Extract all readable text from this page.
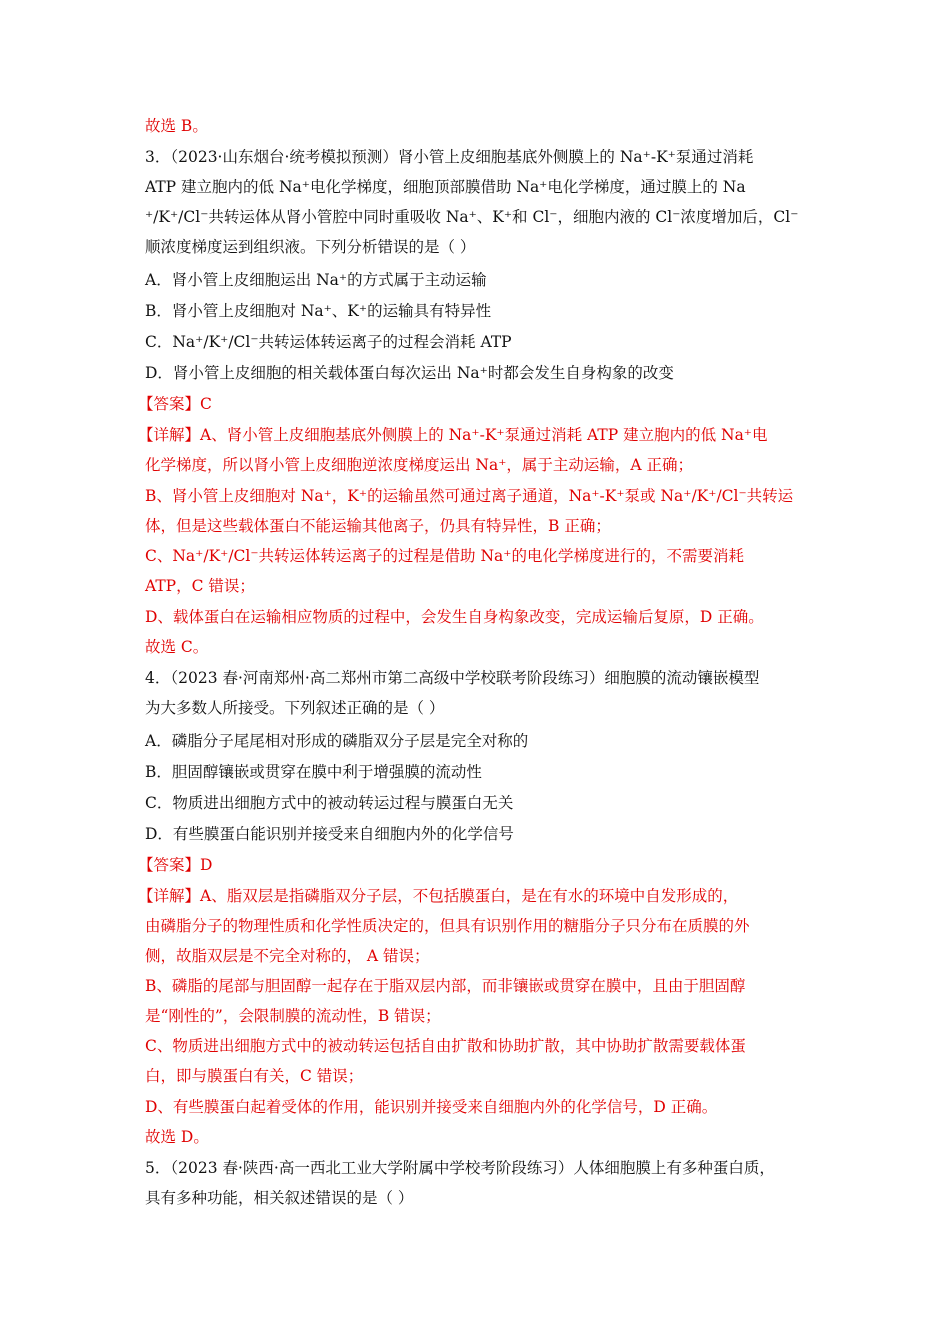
故选 B。
3．（2023·山东烟台·统考模拟预测）肾小管上皮细胞基底外侧膜上的 Na⁺-K⁺泵通过消耗
ATP 建立胞内的低 Na⁺电化学梯度，细胞顶部膜借助 Na⁺电化学梯度，通过膜上的 Na
⁺/K⁺/Cl⁻共转运体从肾小管腔中同时重吸收 Na⁺、K⁺和 Cl⁻，细胞内液的 Cl⁻浓度增加后，Cl⁻
顺浓度梯度运到组织液。下列分析错误的是（ ）
A．肾小管上皮细胞运出 Na⁺的方式属于主动运输
B．肾小管上皮细胞对 Na⁺、K⁺的运输具有特异性
C．Na⁺/K⁺/Cl⁻共转运体转运离子的过程会消耗 ATP
D．肾小管上皮细胞的相关载体蛋白每次运出 Na⁺时都会发生自身构象的改变
【答案】C
【详解】A、肾小管上皮细胞基底外侧膜上的 Na⁺-K⁺泵通过消耗 ATP 建立胞内的低 Na⁺电
化学梯度，所以肾小管上皮细胞逆浓度梯度运出 Na⁺，属于主动运输，A 正确；
B、肾小管上皮细胞对 Na⁺，K⁺的运输虽然可通过离子通道，Na⁺-K⁺泵或 Na⁺/K⁺/Cl⁻共转运
体，但是这些载体蛋白不能运输其他离子，仍具有特异性，B 正确；
C、Na⁺/K⁺/Cl⁻共转运体转运离子的过程是借助 Na⁺的电化学梯度进行的，不需要消耗
ATP，C 错误；
D、载体蛋白在运输相应物质的过程中，会发生自身构象改变，完成运输后复原，D 正确。
故选 C。
4．（2023 春·河南郑州·高二郑州市第二高级中学校联考阶段练习）细胞膜的流动镶嵌模型
为大多数人所接受。下列叙述正确的是（ ）
A．磷脂分子尾尾相对形成的磷脂双分子层是完全对称的
B．胆固醇镶嵌或贯穿在膜中利于增强膜的流动性
C．物质进出细胞方式中的被动转运过程与膜蛋白无关
D．有些膜蛋白能识别并接受来自细胞内外的化学信号
【答案】D
【详解】A、脂双层是指磷脂双分子层，不包括膜蛋白，是在有水的环境中自发形成的，
由磷脂分子的物理性质和化学性质决定的，但具有识别作用的糖脂分子只分布在质膜的外
侧，故脂双层是不完全对称的， A 错误；
B、磷脂的尾部与胆固醇一起存在于脂双层内部，而非镶嵌或贯穿在膜中，且由于胆固醇
是“刚性的”，会限制膜的流动性，B 错误；
C、物质进出细胞方式中的被动转运包括自由扩散和协助扩散，其中协助扩散需要载体蛋
白，即与膜蛋白有关，C 错误；
D、有些膜蛋白起着受体的作用，能识别并接受来自细胞内外的化学信号，D 正确。
故选 D。
5．（2023 春·陕西·高一西北工业大学附属中学校考阶段练习）人体细胞膜上有多种蛋白质，
具有多种功能，相关叙述错误的是（ ）
